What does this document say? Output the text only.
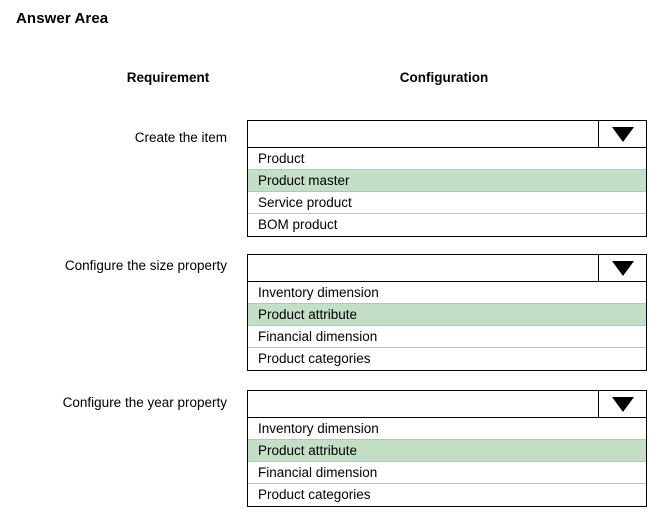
Answer Area
Requirement	Configuration
Create the item
Product
Product master
Service product
BOM product
Configure the size property
Inventory dimension
Product attribute
Financial dimension
Product categories
Configure the year property
Inventory dimension
Product attribute
Financial dimension
Product categories
